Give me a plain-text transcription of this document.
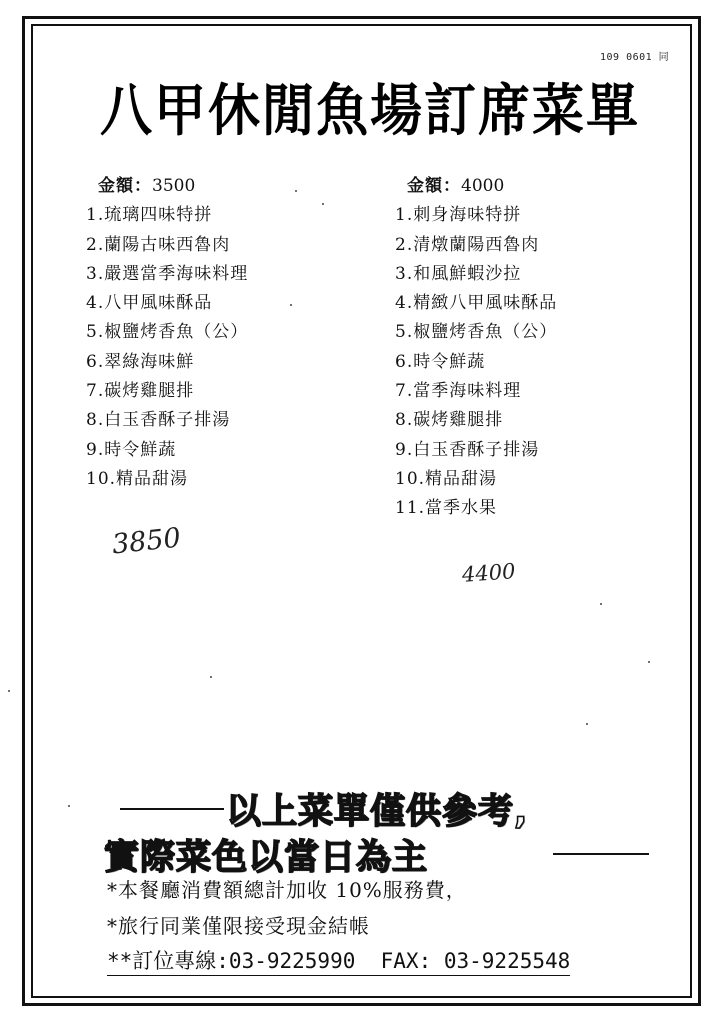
109 0601 同
八甲休閒魚場訂席菜單
金額：3500
1.琉璃四味特拼
2.蘭陽古味西魯肉
3.嚴選當季海味料理
4.八甲風味酥品
5.椒鹽烤香魚（公）
6.翠綠海味鮮
7.碳烤雞腿排
8.白玉香酥子排湯
9.時令鮮蔬
10.精品甜湯
金額：4000
1.刺身海味特拼
2.清燉蘭陽西魯肉
3.和風鮮蝦沙拉
4.精緻八甲風味酥品
5.椒鹽烤香魚（公）
6.時令鮮蔬
7.當季海味料理
8.碳烤雞腿排
9.白玉香酥子排湯
10.精品甜湯
11.當季水果
3850
4400
以上菜單僅供參考,
實際菜色以當日為主
*本餐廳消費額總計加收 10%服務費，
*旅行同業僅限接受現金結帳
**訂位專線:03-9225990  FAX: 03-9225548
